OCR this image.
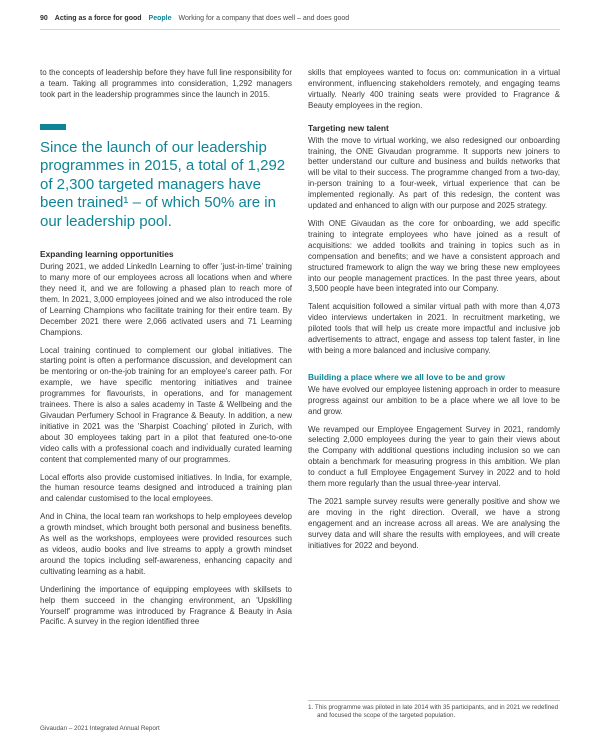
90 Acting as a force for good People Working for a company that does well – and does good

to the concepts of leadership before they have full line responsibility for a team. Taking all programmes into consideration, 1,292 managers took part in the leadership programmes since the launch in 2015.

Since the launch of our leadership programmes in 2015, a total of 1,292 of 2,300 targeted managers have been trained¹ – of which 50% are in our leadership pool.

Expanding learning opportunities

During 2021, we added LinkedIn Learning to offer 'just-in-time' training to many more of our employees across all locations when and where they need it, and we are following a phased plan to reach more of them. In 2021, 3,000 employees joined and we also introduced the role of Learning Champions who facilitate training for their entire team. By December 2021 there were 2,066 activated users and 71 Learning Champions.

Local training continued to complement our global initiatives. The starting point is often a performance discussion, and development can be mentoring or on-the-job training for an employee's career path. For example, we have specific mentoring initiatives and trainee programmes for flavourists, in operations, and for management trainees. There is also a sales academy in Taste & Wellbeing and the Givaudan Perfumery School in Fragrance & Beauty. In addition, a new initiative in 2021 was the 'Sharpist Coaching' piloted in Zurich, with about 30 employees taking part in a pilot that featured one-to-one video calls with a professional coach and individually curated learning content that complemented many of our programmes.

Local efforts also provide customised initiatives. In India, for example, the human resource teams designed and introduced a training plan and calendar customised to the local employees.

And in China, the local team ran workshops to help employees develop a growth mindset, which brought both personal and business benefits. As well as the workshops, employees were provided resources such as videos, audio books and live streams to apply a growth mindset around the topics including self-awareness, enhancing capacity and cultivating learning as a habit.

Underlining the importance of equipping employees with skillsets to help them succeed in the changing environment, an 'Upskilling Yourself' programme was introduced by Fragrance & Beauty in Asia Pacific. A survey in the region identified three

skills that employees wanted to focus on: communication in a virtual environment, influencing stakeholders remotely, and engaging teams virtually. Nearly 400 training seats were provided to Fragrance & Beauty employees in the region.

Targeting new talent

With the move to virtual working, we also redesigned our onboarding training, the ONE Givaudan programme. It supports new joiners to better understand our culture and business and builds networks that will be vital to their success. The programme changed from a two-day, in-person training to a four-week, virtual experience that can be implemented regionally. As part of this redesign, the content was updated and enhanced to align with our purpose and 2025 strategy.

With ONE Givaudan as the core for onboarding, we add specific training to integrate employees who have joined as a result of acquisitions: we added toolkits and training in topics such as in compensation and benefits; and we have a consistent approach and structured framework to align the way we bring these new employees into our people management practices. In the past three years, about 3,500 people have been integrated into our Company.

Talent acquisition followed a similar virtual path with more than 4,073 video interviews undertaken in 2021. In recruitment marketing, we piloted tools that will help us create more impactful and inclusive job advertisements to attract, engage and assess top talent faster, in line with being a more balanced and inclusive company.

Building a place where we all love to be and grow

We have evolved our employee listening approach in order to measure progress against our ambition to be a place where we all love to be and grow.

We revamped our Employee Engagement Survey in 2021, randomly selecting 2,000 employees during the year to gain their views about the Company with additional questions including inclusion so we can obtain a benchmark for measuring progress in this ambition. We plan to conduct a full Employee Engagement Survey in 2022 and to hold them more regularly than the usual three-year interval.

The 2021 sample survey results were generally positive and show we are moving in the right direction. Overall, we have a strong engagement and an increase across all areas. We are analysing the survey data and will share the results with employees, and will create initiatives for 2022 and beyond.

1. This programme was piloted in late 2014 with 35 participants, and in 2021 we redefined and focused the scope of the targeted population.

Givaudan – 2021 Integrated Annual Report
